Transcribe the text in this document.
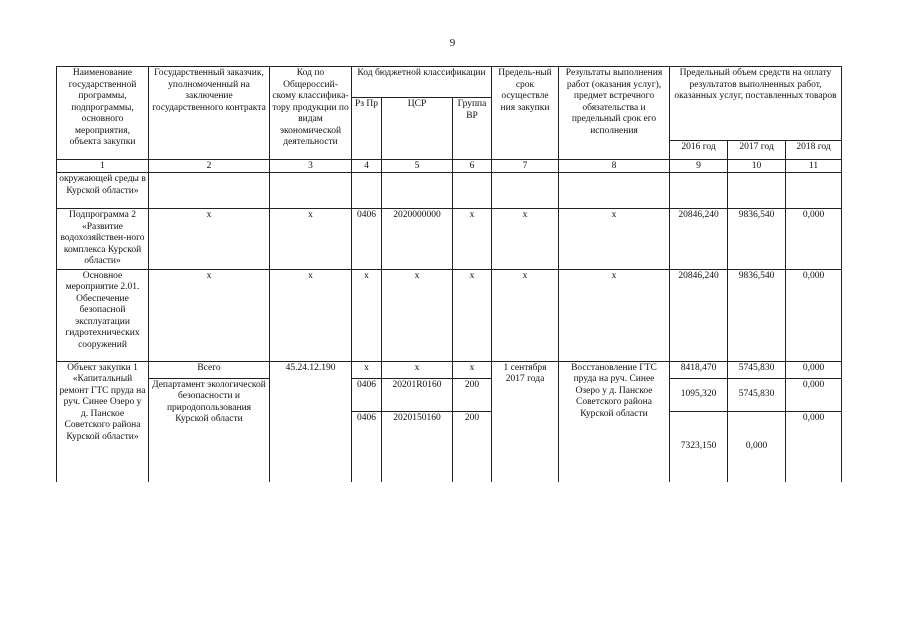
9
Наименование государственной программы, подпрограммы, основного мероприятия, объекта закупки	Государственный заказчик, уполномоченный на заключение государственного контракта	Код по Общероссий-скому классифика-тору продукции по видам экономической деятельности	Код бюджетной классификации			Предель-ный срок осуществле ния закупки	Результаты выполнения работ (оказания услуг), предмет встречного обязательства и предельный срок его исполнения	Предельный объем средств на оплату результатов выполненных работ, оказанных услуг, поставленных товаров		
			Рз Пр	ЦСР	Группа ВР					
								2016 год	2017 год	2018 год
1	2	3	4	5	6	7	8	9	10	11
окружающей среды в Курской области»										
Подпрограмма 2 «Развитие водохозяйствен-ного комплекса Курской области»	х	х	0406	2020000000	х	х	х	20846,240	9836,540	0,000
Основное мероприятие 2.01. Обеспечение безопасной эксплуатации гидротехнических сооружений	х	х	х	х	х	х	х	20846,240	9836,540	0,000
Объект закупки 1 «Капитальный ремонт ГТС пруда на руч. Синее Озеро у д. Панское Советского района Курской области»	Всего	45.24.12.190	х	х	х	1 сентября 2017 года	Восстановление ГТС пруда на руч. Синее Озеро у д. Панское Советского района Курской области	8418,470	5745,830	0,000
	Департамент экологической безопасности и природопользования Курской области		0406	20201R0160	200			1095,320	5745,830	0,000
			0406	2020150160	200			7323,150	0,000	0,000
